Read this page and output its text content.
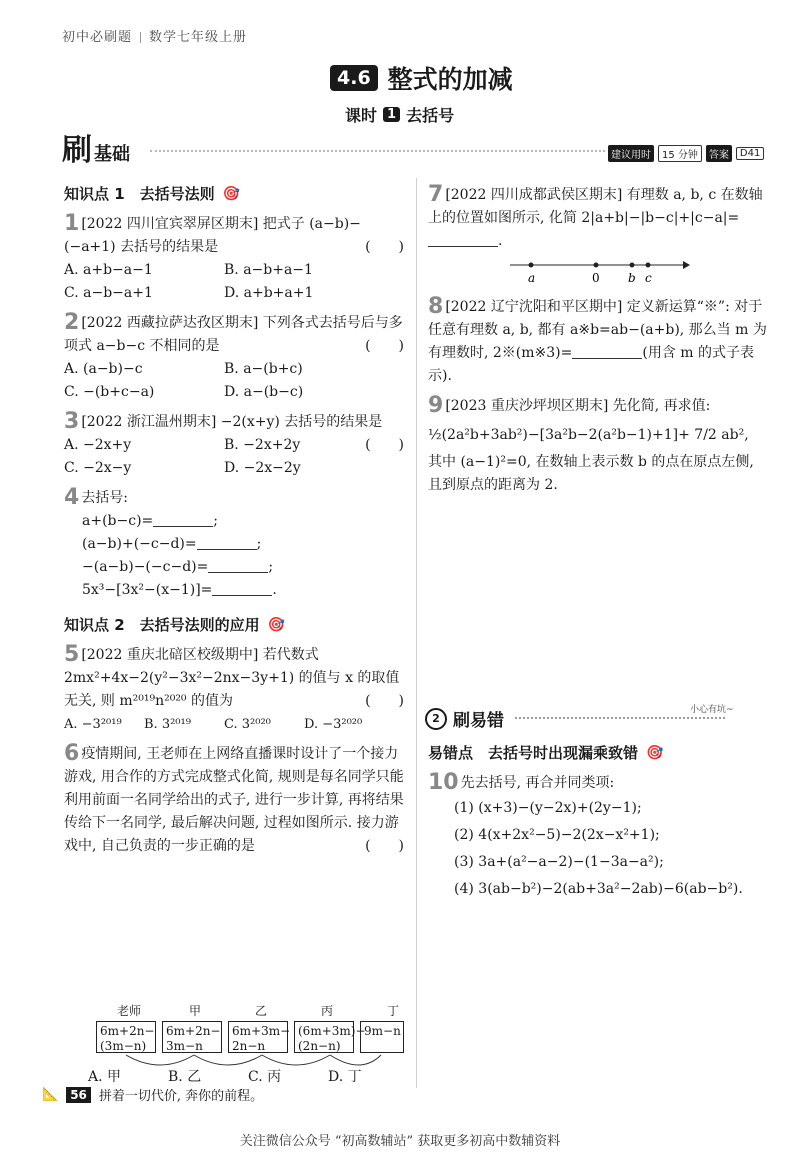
初中必刷题 数学七年级上册
4.6 整式的加减
课时 1 去括号
刷 基础	建议用时	15 分钟	答案	D41
知识点 1　去括号法则 🎯
1 [2022 四川宜宾翠屏区期末] 把式子 (a−b)−(−a+1) 去括号的结果是	(　　)
A. a+b−a−1	B. a−b+a−1
C. a−b−a+1	D. a+b+a+1
2 [2022 西藏拉萨达孜区期末] 下列各式去括号后与多项式 a−b−c 不相同的是	(　　)
A. (a−b)−c	B. a−(b+c)
C. −(b+c−a)	D. a−(b−c)
3 [2022 浙江温州期末] −2(x+y) 去括号的结果是
(　　)
A. −2x+y	B. −2x+2y
C. −2x−y	D. −2x−2y
4 去括号:
a+(b−c)=	;
(a−b)+(−c−d)=	;
−(a−b)−(−c−d)=	;
5x³−[3x²−(x−1)]=	.
知识点 2　去括号法则的应用 🎯
5 [2022 重庆北碚区校级期中] 若代数式 2mx²+4x−2(y²−3x²−2nx−3y+1) 的值与 x 的取值无关, 则 m²⁰¹⁹n²⁰²⁰ 的值为	(　　)
A. −3²⁰¹⁹	B. 3²⁰¹⁹	C. 3²⁰²⁰	D. −3²⁰²⁰
6 疫情期间, 王老师在上网络直播课时设计了一个接力游戏, 用合作的方式完成整式化简, 规则是每名同学只能利用前面一名同学给出的式子, 进行一步计算, 再将结果传给下一名同学, 最后解决问题, 过程如图所示. 接力游戏中, 自己负责的一步正确的是	(　　)
老师	甲	乙	丙	丁
6m+2n−
(3m−n)
6m+2n−
3m−n
6m+3m−
2n−n
(6m+3m)−
(2n−n)
9m−n
A. 甲	B. 乙	C. 丙	D. 丁
7 [2022 四川成都武侯区期末] 有理数 a, b, c 在数轴上的位置如图所示, 化简 2|a+b|−|b−c|+|c−a|=.
a	0 b c
8 [2022 辽宁沈阳和平区期中] 定义新运算“※”: 对于任意有理数 a, b, 都有 a※b=ab−(a+b), 那么当 m 为有理数时, 2※(m※3)=	(用含 m 的式子表示).
9 [2023 重庆沙坪坝区期末] 先化简, 再求值:
½(2a²b+3ab²)−[3a²b−2(a²b−1)+1]+ 7/2 ab²,
其中 (a−1)²=0, 在数轴上表示数 b 的点在原点左侧, 且到原点的距离为 2.
2 刷易错
小心有坑~
易错点　去括号时出现漏乘致错 🎯
10 先去括号, 再合并同类项:
(1) (x+3)−(y−2x)+(2y−1);
(2) 4(x+2x²−5)−2(2x−x²+1);
(3) 3a+(a²−a−2)−(1−3a−a²);
(4) 3(ab−b²)−2(ab+3a²−2ab)−6(ab−b²).
📐	56 拼着一切代价, 奔你的前程。
关注微信公众号 “初高数辅站” 获取更多初高中数辅资料
